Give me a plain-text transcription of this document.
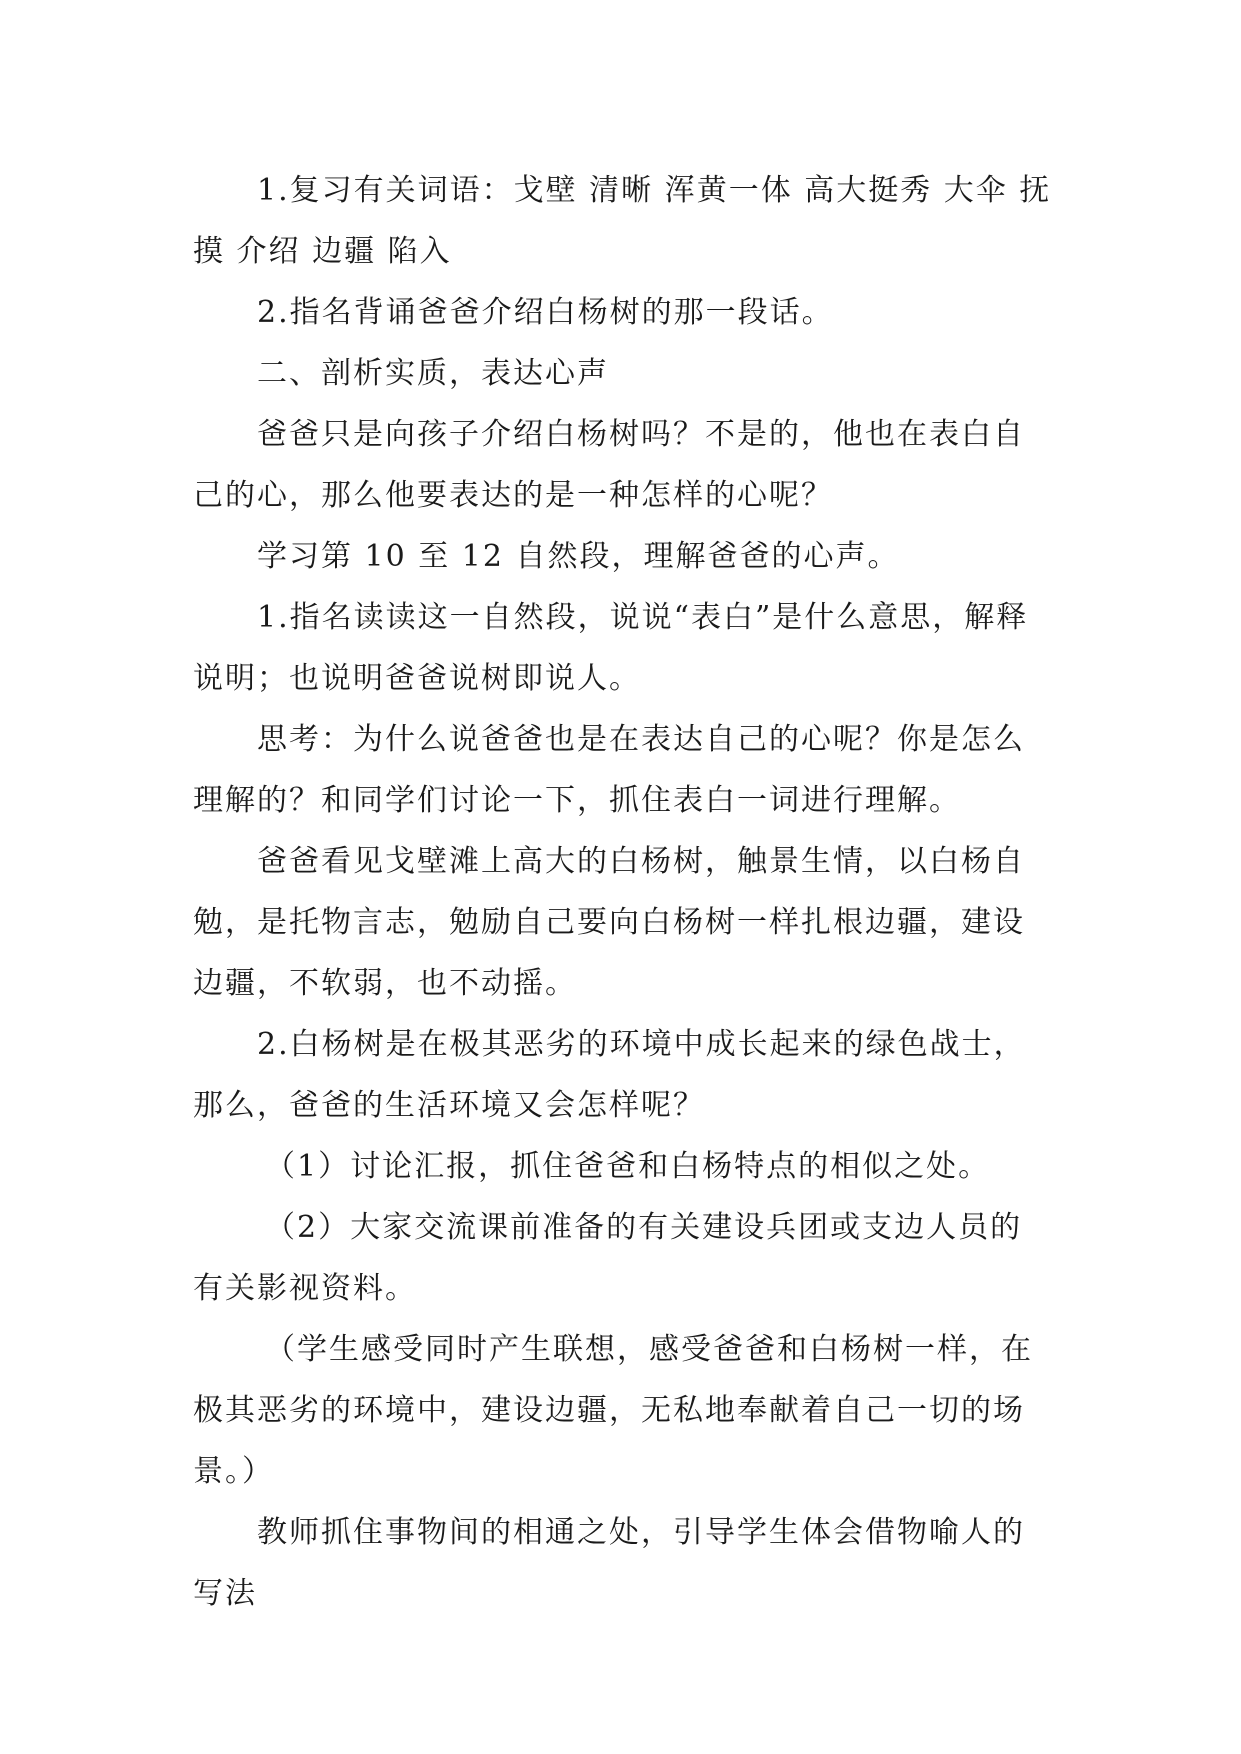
1.复习有关词语：戈壁 清晰 浑黄一体 高大挺秀 大伞 抚摸 介绍 边疆 陷入

2.指名背诵爸爸介绍白杨树的那一段话。

二、剖析实质，表达心声

爸爸只是向孩子介绍白杨树吗？不是的，他也在表白自己的心，那么他要表达的是一种怎样的心呢？

学习第 10 至 12 自然段，理解爸爸的心声。

1.指名读读这一自然段，说说“表白”是什么意思，解释说明；也说明爸爸说树即说人。

思考：为什么说爸爸也是在表达自己的心呢？你是怎么理解的？和同学们讨论一下，抓住表白一词进行理解。

爸爸看见戈壁滩上高大的白杨树，触景生情，以白杨自勉，是托物言志，勉励自己要向白杨树一样扎根边疆，建设边疆，不软弱，也不动摇。

2.白杨树是在极其恶劣的环境中成长起来的绿色战士，那么，爸爸的生活环境又会怎样呢？

（1）讨论汇报，抓住爸爸和白杨特点的相似之处。

（2）大家交流课前准备的有关建设兵团或支边人员的有关影视资料。

（学生感受同时产生联想，感受爸爸和白杨树一样，在极其恶劣的环境中，建设边疆，无私地奉献着自己一切的场景。）

教师抓住事物间的相通之处，引导学生体会借物喻人的写法
